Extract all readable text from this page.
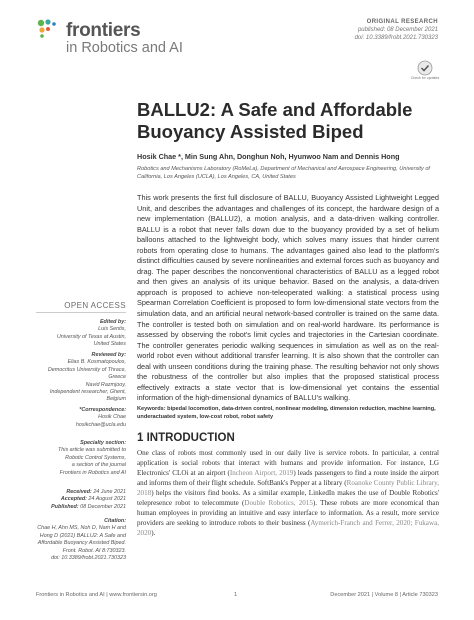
frontiers
in Robotics and AI
ORIGINAL RESEARCH
published: 08 December 2021
doi: 10.3389/frobt.2021.730323
Check for updates
BALLU2: A Safe and Affordable Buoyancy Assisted Biped
Hosik Chae *, Min Sung Ahn, Donghun Noh, Hyunwoo Nam and Dennis Hong
Robotics and Mechanisms Laboratory (RoMeLa), Department of Mechanical and Aerospace Engineering, University of California, Los Angeles (UCLA), Los Angeles, CA, United States
This work presents the first full disclosure of BALLU, Buoyancy Assisted Lightweight Legged Unit, and describes the advantages and challenges of its concept, the hardware design of a new implementation (BALLU2), a motion analysis, and a data-driven walking controller. BALLU is a robot that never falls down due to the buoyancy provided by a set of helium balloons attached to the lightweight body, which solves many issues that hinder current robots from operating close to humans. The advantages gained also lead to the platform's distinct difficulties caused by severe nonlinearities and external forces such as buoyancy and drag. The paper describes the nonconventional characteristics of BALLU as a legged robot and then gives an analysis of its unique behavior. Based on the analysis, a data-driven approach is proposed to achieve non-teleoperated walking: a statistical process using Spearman Correlation Coefficient is proposed to form low-dimensional state vectors from the simulation data, and an artificial neural network-based controller is trained on the same data. The controller is tested both on simulation and on real-world hardware. Its performance is assessed by observing the robot's limit cycles and trajectories in the Cartesian coordinate. The controller generates periodic walking sequences in simulation as well as on the real-world robot even without additional transfer learning. It is also shown that the controller can deal with unseen conditions during the training phase. The resulting behavior not only shows the robustness of the controller but also implies that the proposed statistical process effectively extracts a state vector that is low-dimensional yet contains the essential information of the high-dimensional dynamics of BALLU's walking.
Keywords: bipedal locomotion, data-driven control, nonlinear modeling, dimension reduction, machine learning, underactuated system, low-cost robot, robot safety
1 INTRODUCTION
One class of robots most commonly used in our daily live is service robots. In particular, a central application is social robots that interact with humans and provide information. For instance, LG Electronics' CLOi at an airport (Incheon Airport, 2019) leads passengers to find a route inside the airport and informs them of their flight schedule. SoftBank's Pepper at a library (Roanoke County Public Library, 2018) helps the visitors find books. As a similar example, LinkedIn makes the use of Double Robotics' telepresence robot to telecommute (Double Robotics, 2015). These robots are more economical than human employees in providing an intuitive and easy interface to information. As a result, more service providers are seeking to introduce robots to their business (Aymerich-Franch and Ferrer, 2020; Fukawa, 2020).
OPEN ACCESS
Edited by:
Luis Sentis,
University of Texas at Austin,
United States
Reviewed by:
Elias B. Kosmatopoulos,
Democritus University of Thrace,
Greece
Navid Razmjooy,
Independent researcher, Ghent,
Belgium
*Correspondence:
Hosik Chae
hosikchae@ucla.edu
Specialty section:
This article was submitted to
Robotic Control Systems,
a section of the journal
Frontiers in Robotics and AI
Received: 24 June 2021
Accepted: 24 August 2021
Published: 08 December 2021
Citation:
Chae H, Ahn MS, Noh D, Nam H and
Hong D (2021) BALLU2: A Safe and
Affordable Buoyancy Assisted Biped.
Front. Robot. AI 8:730323.
doi: 10.3389/frobt.2021.730323
Frontiers in Robotics and AI | www.frontiersin.org	1	December 2021 | Volume 8 | Article 730323
